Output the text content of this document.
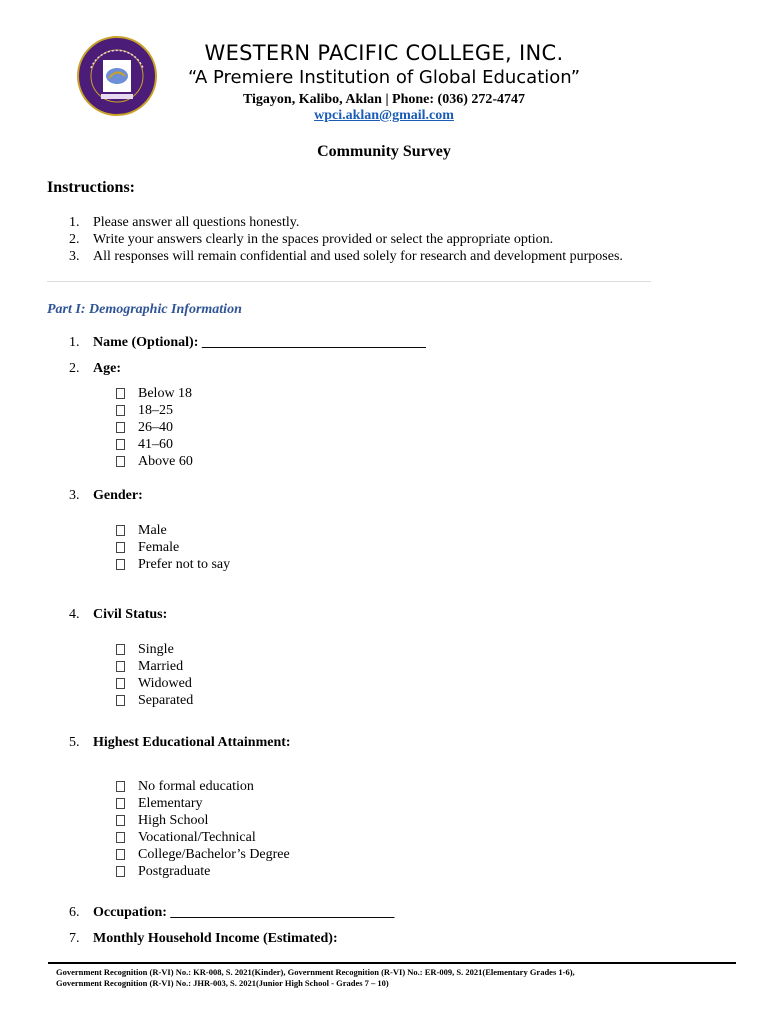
WESTERN PACIFIC COLLEGE, INC.
“A Premiere Institution of Global Education”
Tigayon, Kalibo, Aklan | Phone: (036) 272-4747
wpci.aklan@gmail.com
Community Survey
Instructions:
1. Please answer all questions honestly.
2. Write your answers clearly in the spaces provided or select the appropriate option.
3. All responses will remain confidential and used solely for research and development purposes.
Part I: Demographic Information
1. Name (Optional): ________________________________
2. Age:
Below 18
18–25
26–40
41–60
Above 60
3. Gender:
Male
Female
Prefer not to say
4. Civil Status:
Single
Married
Widowed
Separated
5. Highest Educational Attainment:
No formal education
Elementary
High School
Vocational/Technical
College/Bachelor’s Degree
Postgraduate
6. Occupation: ________________________________
7. Monthly Household Income (Estimated):
Government Recognition (R-VI) No.: KR-008, S. 2021(Kinder), Government Recognition (R-VI) No.: ER-009, S. 2021(Elementary Grades 1-6),
Government Recognition (R-VI) No.: JHR-003, S. 2021(Junior High School - Grades 7 – 10)
